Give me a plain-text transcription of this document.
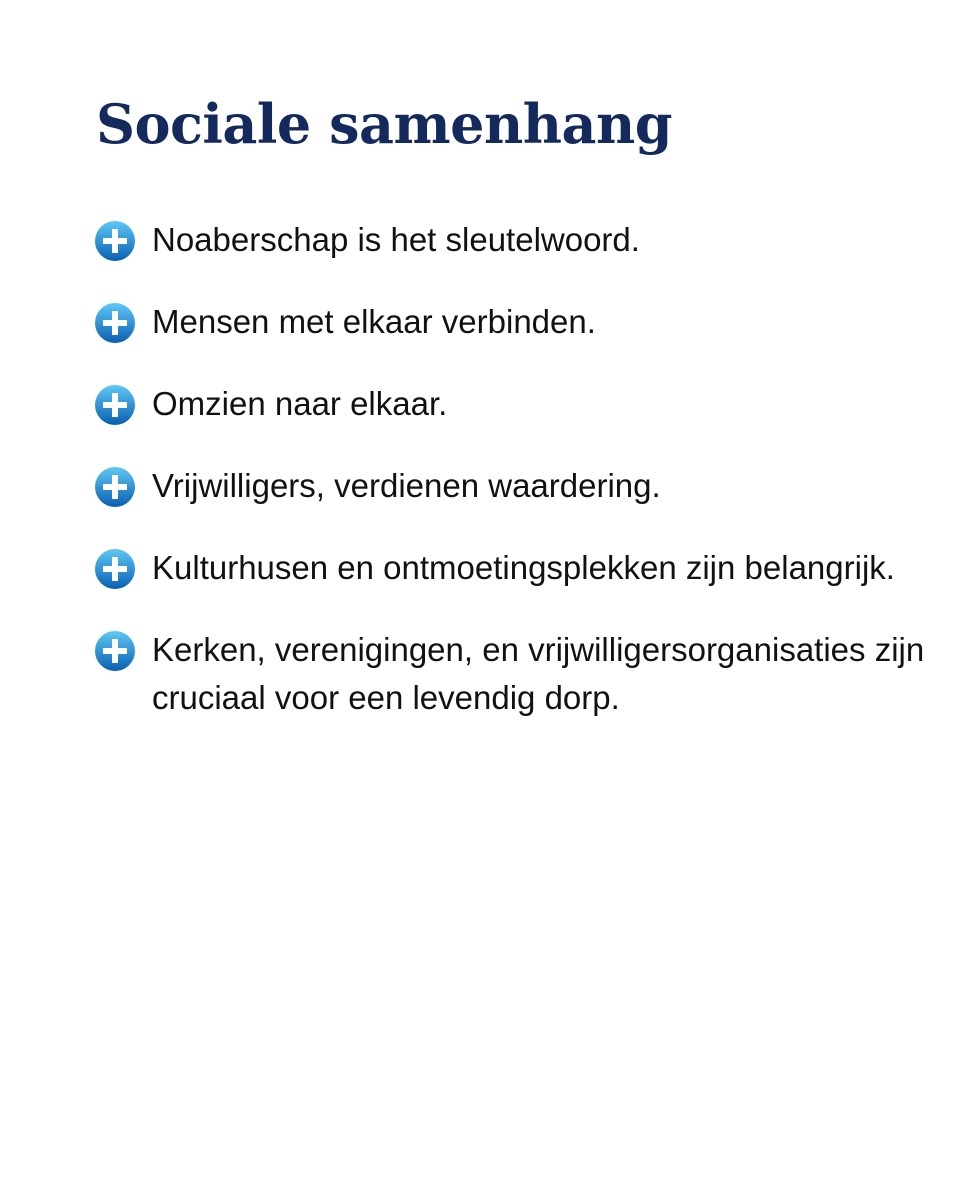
Sociale samenhang
Noaberschap is het sleutelwoord.
Mensen met elkaar verbinden.
Omzien naar elkaar.
Vrijwilligers, verdienen waardering.
Kulturhusen en ontmoetingsplekken zijn belangrijk.
Kerken, verenigingen, en vrijwilligersorganisaties zijn cruciaal voor een levendig dorp.
